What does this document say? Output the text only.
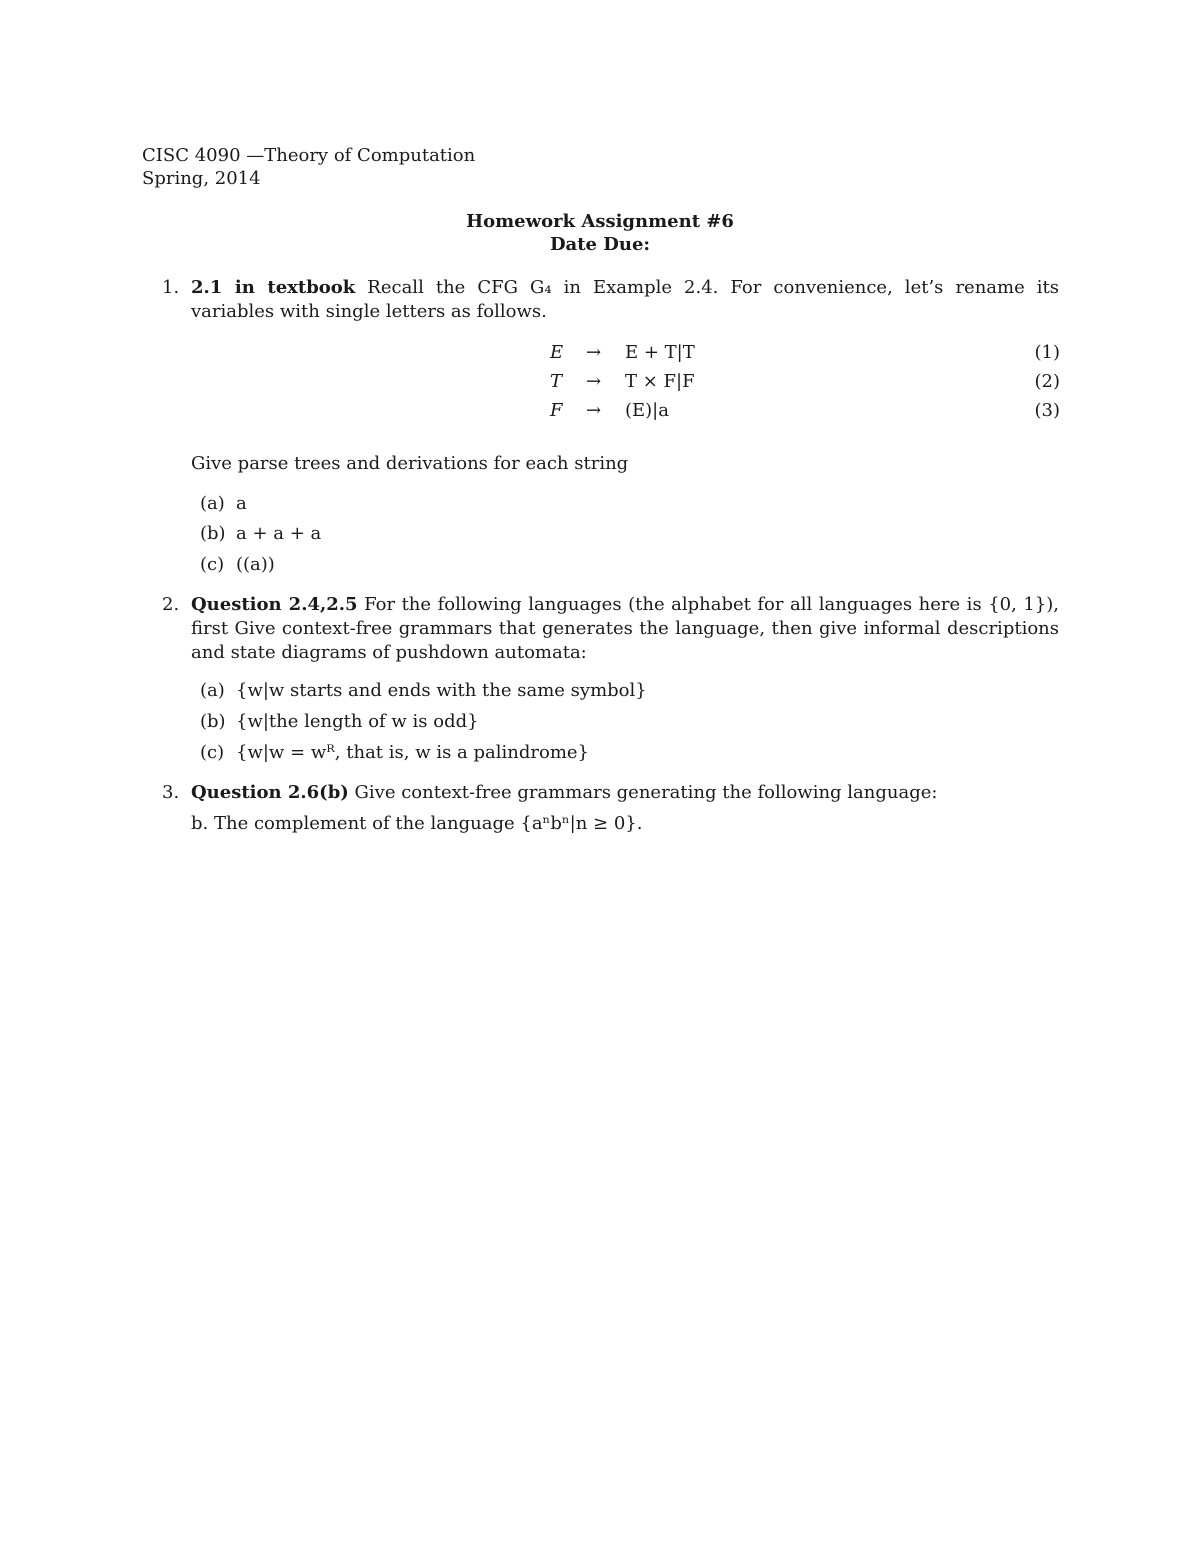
CISC 4090 —Theory of Computation
Spring, 2014
Homework Assignment #6
Date Due:
1. 2.1 in textbook Recall the CFG G₄ in Example 2.4. For convenience, let’s rename its variables with single letters as follows.
E → E + T|T	(1)
T → T × F|F	(2)
F → (E)|a	(3)
Give parse trees and derivations for each string
(a) a
(b) a + a + a
(c) ((a))
2. Question 2.4,2.5 For the following languages (the alphabet for all languages here is {0, 1}), first Give context-free grammars that generates the language, then give informal descriptions and state diagrams of pushdown automata:
(a) {w|w starts and ends with the same symbol}
(b) {w|the length of w is odd}
(c) {w|w = wᴿ, that is, w is a palindrome}
3. Question 2.6(b) Give context-free grammars generating the following language:
b. The complement of the language {aⁿbⁿ|n ≥ 0}.
